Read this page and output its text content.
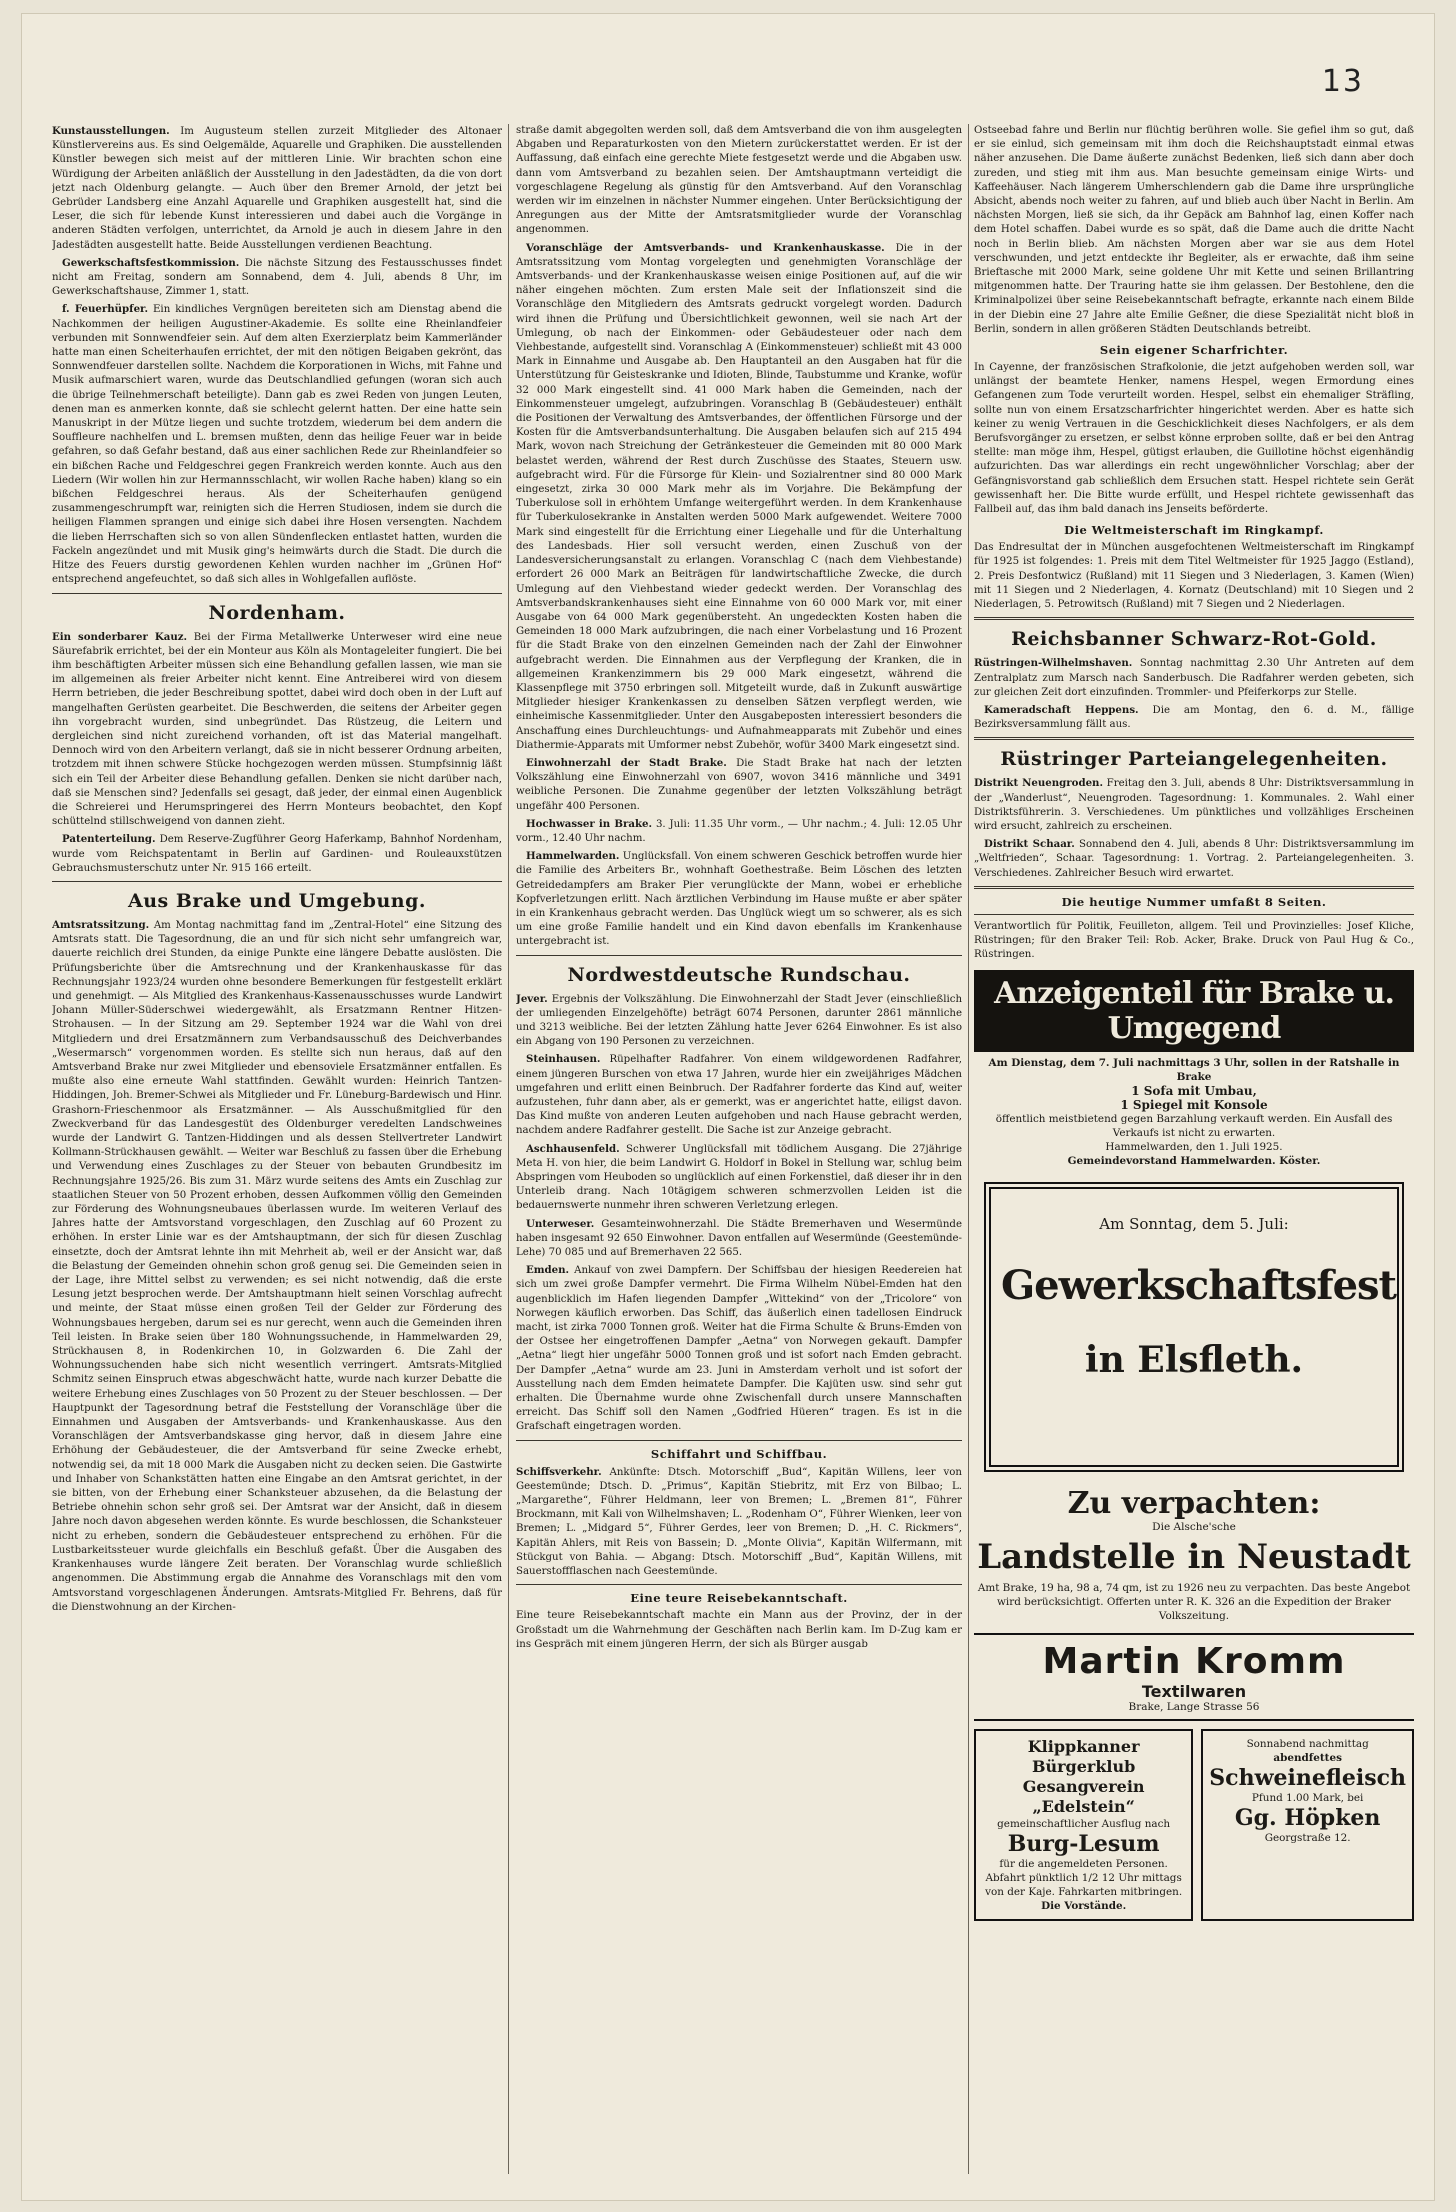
13

Kunstausstellungen. Im Augusteum stellen zurzeit Mitglieder des Altonaer Künstlervereins aus. Es sind Oelgemälde, Aquarelle und Graphiken. Die ausstellenden Künstler bewegen sich meist auf der mittleren Linie. Wir brachten schon eine Würdigung der Arbeiten anläßlich der Ausstellung in den Jadestädten, da die von dort jetzt nach Oldenburg gelangte. — Auch über den Bremer Arnold, der jetzt bei Gebrüder Landsberg eine Anzahl Aquarelle und Graphiken ausgestellt hat, sind die Leser, die sich für lebende Kunst interessieren und dabei auch die Vorgänge in anderen Städten verfolgen, unterrichtet, da Arnold je auch in diesem Jahre in den Jadestädten ausgestellt hatte. Beide Ausstellungen verdienen Beachtung.

Gewerkschaftsfestkommission. Die nächste Sitzung des Festausschusses findet nicht am Freitag, sondern am Sonnabend, dem 4. Juli, abends 8 Uhr, im Gewerkschaftshause, Zimmer 1, statt.

f. Feuerhüpfer. Ein kindliches Vergnügen bereiteten sich am Dienstag abend die Nachkommen der heiligen Augustiner-Akademie. Es sollte eine Rheinlandfeier verbunden mit Sonnwendfeier sein. Auf dem alten Exerzierplatz beim Kammerländer hatte man einen Scheiterhaufen errichtet, der mit den nötigen Beigaben gekrönt, das Sonnwendfeuer darstellen sollte. Nachdem die Korporationen in Wichs, mit Fahne und Musik aufmarschiert waren, wurde das Deutschlandlied gefungen (woran sich auch die übrige Teilnehmerschaft beteiligte). Dann gab es zwei Reden von jungen Leuten, denen man es anmerken konnte, daß sie schlecht gelernt hatten. Der eine hatte sein Manuskript in der Mütze liegen und suchte trotzdem, wiederum bei dem andern die Souffleure nachhelfen und L. bremsen mußten, denn das heilige Feuer war in beide gefahren, so daß Gefahr bestand, daß aus einer sachlichen Rede zur Rheinlandfeier so ein bißchen Rache und Feldgeschrei gegen Frankreich werden konnte. Auch aus den Liedern (Wir wollen hin zur Hermannsschlacht, wir wollen Rache haben) klang so ein bißchen Feldgeschrei heraus. Als der Scheiterhaufen genügend zusammengeschrumpft war, reinigten sich die Herren Studiosen, indem sie durch die heiligen Flammen sprangen und einige sich dabei ihre Hosen versengten. Nachdem die lieben Herrschaften sich so von allen Sündenflecken entlastet hatten, wurden die Fackeln angezündet und mit Musik ging's heimwärts durch die Stadt. Die durch die Hitze des Feuers durstig gewordenen Kehlen wurden nachher im „Grünen Hof“ entsprechend angefeuchtet, so daß sich alles in Wohlgefallen auflöste.

Nordenham.

Ein sonderbarer Kauz. Bei der Firma Metallwerke Unterweser wird eine neue Säurefabrik errichtet, bei der ein Monteur aus Köln als Montageleiter fungiert. Die bei ihm beschäftigten Arbeiter müssen sich eine Behandlung gefallen lassen, wie man sie im allgemeinen als freier Arbeiter nicht kennt. Eine Antreiberei wird von diesem Herrn betrieben, die jeder Beschreibung spottet, dabei wird doch oben in der Luft auf mangelhaften Gerüsten gearbeitet. Die Beschwerden, die seitens der Arbeiter gegen ihn vorgebracht wurden, sind unbegründet. Das Rüstzeug, die Leitern und dergleichen sind nicht zureichend vorhanden, oft ist das Material mangelhaft. Dennoch wird von den Arbeitern verlangt, daß sie in nicht besserer Ordnung arbeiten, trotzdem mit ihnen schwere Stücke hochgezogen werden müssen. Stumpfsinnig läßt sich ein Teil der Arbeiter diese Behandlung gefallen. Denken sie nicht darüber nach, daß sie Menschen sind? Jedenfalls sei gesagt, daß jeder, der einmal einen Augenblick die Schreierei und Herumspringerei des Herrn Monteurs beobachtet, den Kopf schüttelnd stillschweigend von dannen zieht.

Patenterteilung. Dem Reserve-Zugführer Georg Haferkamp, Bahnhof Nordenham, wurde vom Reichspatentamt in Berlin auf Gardinen- und Rouleauxstützen Gebrauchsmusterschutz unter Nr. 915 166 erteilt.

Aus Brake und Umgebung.

Amtsratssitzung. Am Montag nachmittag fand im „Zentral-Hotel“ eine Sitzung des Amtsrats statt. Die Tagesordnung, die an und für sich nicht sehr umfangreich war, dauerte reichlich drei Stunden, da einige Punkte eine längere Debatte auslösten. Die Prüfungsberichte über die Amtsrechnung und der Krankenhauskasse für das Rechnungsjahr 1923/24 wurden ohne besondere Bemerkungen für festgestellt erklärt und genehmigt. — Als Mitglied des Krankenhaus-Kassenausschusses wurde Landwirt Johann Müller-Süderschwei wiedergewählt, als Ersatzmann Rentner Hitzen-Strohausen. — In der Sitzung am 29. September 1924 war die Wahl von drei Mitgliedern und drei Ersatzmännern zum Verbandsausschuß des Deichverbandes „Wesermarsch“ vorgenommen worden. Es stellte sich nun heraus, daß auf den Amtsverband Brake nur zwei Mitglieder und ebensoviele Ersatzmänner entfallen. Es mußte also eine erneute Wahl stattfinden. Gewählt wurden: Heinrich Tantzen-Hiddingen, Joh. Bremer-Schwei als Mitglieder und Fr. Lüneburg-Bardewisch und Hinr. Grashorn-Frieschenmoor als Ersatzmänner. — Als Ausschußmitglied für den Zweckverband für das Landesgestüt des Oldenburger veredelten Landschweines wurde der Landwirt G. Tantzen-Hiddingen und als dessen Stellvertreter Landwirt Kollmann-Strückhausen gewählt. — Weiter war Beschluß zu fassen über die Erhebung und Verwendung eines Zuschlages zu der Steuer von bebauten Grundbesitz im Rechnungsjahre 1925/26. Bis zum 31. März wurde seitens des Amts ein Zuschlag zur staatlichen Steuer von 50 Prozent erhoben, dessen Aufkommen völlig den Gemeinden zur Förderung des Wohnungsneubaues überlassen wurde. Im weiteren Verlauf des Jahres hatte der Amtsvorstand vorgeschlagen, den Zuschlag auf 60 Prozent zu erhöhen. In erster Linie war es der Amtshauptmann, der sich für diesen Zuschlag einsetzte, doch der Amtsrat lehnte ihn mit Mehrheit ab, weil er der Ansicht war, daß die Belastung der Gemeinden ohnehin schon groß genug sei. Die Gemeinden seien in der Lage, ihre Mittel selbst zu verwenden; es sei nicht notwendig, daß die erste Lesung jetzt besprochen werde. Der Amtshauptmann hielt seinen Vorschlag aufrecht und meinte, der Staat müsse einen großen Teil der Gelder zur Förderung des Wohnungsbaues hergeben, darum sei es nur gerecht, wenn auch die Gemeinden ihren Teil leisten. In Brake seien über 180 Wohnungssuchende, in Hammelwarden 29, Strückhausen 8, in Rodenkirchen 10, in Golzwarden 6. Die Zahl der Wohnungssuchenden habe sich nicht wesentlich verringert. Amtsrats-Mitglied Schmitz seinen Einspruch etwas abgeschwächt hatte, wurde nach kurzer Debatte die weitere Erhebung eines Zuschlages von 50 Prozent zu der Steuer beschlossen. — Der Hauptpunkt der Tagesordnung betraf die Feststellung der Voranschläge über die Einnahmen und Ausgaben der Amtsverbands- und Krankenhauskasse. Aus den Voranschlägen der Amtsverbandskasse ging hervor, daß in diesem Jahre eine Erhöhung der Gebäudesteuer, die der Amtsverband für seine Zwecke erhebt, notwendig sei, da mit 18 000 Mark die Ausgaben nicht zu decken seien. Die Gastwirte und Inhaber von Schankstätten hatten eine Eingabe an den Amtsrat gerichtet, in der sie bitten, von der Erhebung einer Schanksteuer abzusehen, da die Belastung der Betriebe ohnehin schon sehr groß sei. Der Amtsrat war der Ansicht, daß in diesem Jahre noch davon abgesehen werden könnte. Es wurde beschlossen, die Schanksteuer nicht zu erheben, sondern die Gebäudesteuer entsprechend zu erhöhen. Für die Lustbarkeitssteuer wurde gleichfalls ein Beschluß gefaßt. Über die Ausgaben des Krankenhauses wurde längere Zeit beraten. Der Voranschlag wurde schließlich angenommen. Die Abstimmung ergab die Annahme des Voranschlags mit den vom Amtsvorstand vorgeschlagenen Änderungen. Amtsrats-Mitglied Fr. Behrens, daß für die Dienstwohnung an der Kirchen-

straße damit abgegolten werden soll, daß dem Amtsverband die von ihm ausgelegten Abgaben und Reparaturkosten von den Mietern zurückerstattet werden. Er ist der Auffassung, daß einfach eine gerechte Miete festgesetzt werde und die Abgaben usw. dann vom Amtsverband zu bezahlen seien. Der Amtshauptmann verteidigt die vorgeschlagene Regelung als günstig für den Amtsverband. Auf den Voranschlag werden wir im einzelnen in nächster Nummer eingehen. Unter Berücksichtigung der Anregungen aus der Mitte der Amtsratsmitglieder wurde der Voranschlag angenommen.

Voranschläge der Amtsverbands- und Krankenhauskasse. Die in der Amtsratssitzung vom Montag vorgelegten und genehmigten Voranschläge der Amtsverbands- und der Krankenhauskasse weisen einige Positionen auf, auf die wir näher eingehen möchten. Zum ersten Male seit der Inflationszeit sind die Voranschläge den Mitgliedern des Amtsrats gedruckt vorgelegt worden. Dadurch wird ihnen die Prüfung und Übersichtlichkeit gewonnen, weil sie nach Art der Umlegung, ob nach der Einkommen- oder Gebäudesteuer oder nach dem Viehbestande, aufgestellt sind. Voranschlag A (Einkommensteuer) schließt mit 43 000 Mark in Einnahme und Ausgabe ab. Den Hauptanteil an den Ausgaben hat für die Unterstützung für Geisteskranke und Idioten, Blinde, Taubstumme und Kranke, wofür 32 000 Mark eingestellt sind. 41 000 Mark haben die Gemeinden, nach der Einkommensteuer umgelegt, aufzubringen. Voranschlag B (Gebäudesteuer) enthält die Positionen der Verwaltung des Amtsverbandes, der öffentlichen Fürsorge und der Kosten für die Amtsverbandsunterhaltung. Die Ausgaben belaufen sich auf 215 494 Mark, wovon nach Streichung der Getränkesteuer die Gemeinden mit 80 000 Mark belastet werden, während der Rest durch Zuschüsse des Staates, Steuern usw. aufgebracht wird. Für die Fürsorge für Klein- und Sozialrentner sind 80 000 Mark eingesetzt, zirka 30 000 Mark mehr als im Vorjahre. Die Bekämpfung der Tuberkulose soll in erhöhtem Umfange weitergeführt werden. In dem Krankenhause für Tuberkulosekranke in Anstalten werden 5000 Mark aufgewendet. Weitere 7000 Mark sind eingestellt für die Errichtung einer Liegehalle und für die Unterhaltung des Landesbads. Hier soll versucht werden, einen Zuschuß von der Landesversicherungsanstalt zu erlangen. Voranschlag C (nach dem Viehbestande) erfordert 26 000 Mark an Beiträgen für landwirtschaftliche Zwecke, die durch Umlegung auf den Viehbestand wieder gedeckt werden. Der Voranschlag des Amtsverbandskrankenhauses sieht eine Einnahme von 60 000 Mark vor, mit einer Ausgabe von 64 000 Mark gegenübersteht. An ungedeckten Kosten haben die Gemeinden 18 000 Mark aufzubringen, die nach einer Vorbelastung und 16 Prozent für die Stadt Brake von den einzelnen Gemeinden nach der Zahl der Einwohner aufgebracht werden. Die Einnahmen aus der Verpflegung der Kranken, die in allgemeinen Krankenzimmern bis 29 000 Mark eingesetzt, während die Klassenpflege mit 3750 erbringen soll. Mitgeteilt wurde, daß in Zukunft auswärtige Mitglieder hiesiger Krankenkassen zu denselben Sätzen verpflegt werden, wie einheimische Kassenmitglieder. Unter den Ausgabeposten interessiert besonders die Anschaffung eines Durchleuchtungs- und Aufnahmeapparats mit Zubehör und eines Diathermie-Apparats mit Umformer nebst Zubehör, wofür 3400 Mark eingesetzt sind.

Einwohnerzahl der Stadt Brake. Die Stadt Brake hat nach der letzten Volkszählung eine Einwohnerzahl von 6907, wovon 3416 männliche und 3491 weibliche Personen. Die Zunahme gegenüber der letzten Volkszählung beträgt ungefähr 400 Personen.

Hochwasser in Brake. 3. Juli: 11.35 Uhr vorm., — Uhr nachm.; 4. Juli: 12.05 Uhr vorm., 12.40 Uhr nachm.

Hammelwarden. Unglücksfall. Von einem schweren Geschick betroffen wurde hier die Familie des Arbeiters Br., wohnhaft Goethestraße. Beim Löschen des letzten Getreidedampfers am Braker Pier verunglückte der Mann, wobei er erhebliche Kopfverletzungen erlitt. Nach ärztlichen Verbindung im Hause mußte er aber später in ein Krankenhaus gebracht werden. Das Unglück wiegt um so schwerer, als es sich um eine große Familie handelt und ein Kind davon ebenfalls im Krankenhause untergebracht ist.

Nordwestdeutsche Rundschau.

Jever. Ergebnis der Volkszählung. Die Einwohnerzahl der Stadt Jever (einschließlich der umliegenden Einzelgehöfte) beträgt 6074 Personen, darunter 2861 männliche und 3213 weibliche. Bei der letzten Zählung hatte Jever 6264 Einwohner. Es ist also ein Abgang von 190 Personen zu verzeichnen.

Steinhausen. Rüpelhafter Radfahrer. Von einem wildgewordenen Radfahrer, einem jüngeren Burschen von etwa 17 Jahren, wurde hier ein zweijähriges Mädchen umgefahren und erlitt einen Beinbruch. Der Radfahrer forderte das Kind auf, weiter aufzustehen, fuhr dann aber, als er gemerkt, was er angerichtet hatte, eiligst davon. Das Kind mußte von anderen Leuten aufgehoben und nach Hause gebracht werden, nachdem andere Radfahrer gestellt. Die Sache ist zur Anzeige gebracht.

Aschhausenfeld. Schwerer Unglücksfall mit tödlichem Ausgang. Die 27jährige Meta H. von hier, die beim Landwirt G. Holdorf in Bokel in Stellung war, schlug beim Abspringen vom Heuboden so unglücklich auf einen Forkenstiel, daß dieser ihr in den Unterleib drang. Nach 10tägigem schweren schmerzvollen Leiden ist die bedauernswerte nunmehr ihren schweren Verletzung erlegen.

Unterweser. Gesamteinwohnerzahl. Die Städte Bremerhaven und Wesermünde haben insgesamt 92 650 Einwohner. Davon entfallen auf Wesermünde (Geestemünde-Lehe) 70 085 und auf Bremerhaven 22 565.

Emden. Ankauf von zwei Dampfern. Der Schiffsbau der hiesigen Reedereien hat sich um zwei große Dampfer vermehrt. Die Firma Wilhelm Nübel-Emden hat den augenblicklich im Hafen liegenden Dampfer „Wittekind“ von der „Tricolore“ von Norwegen käuflich erworben. Das Schiff, das äußerlich einen tadellosen Eindruck macht, ist zirka 7000 Tonnen groß. Weiter hat die Firma Schulte & Bruns-Emden von der Ostsee her eingetroffenen Dampfer „Aetna“ von Norwegen gekauft. Dampfer „Aetna“ liegt hier ungefähr 5000 Tonnen groß und ist sofort nach Emden gebracht. Der Dampfer „Aetna“ wurde am 23. Juni in Amsterdam verholt und ist sofort der Ausstellung nach dem Emden heimatete Dampfer. Die Kajüten usw. sind sehr gut erhalten. Die Übernahme wurde ohne Zwischenfall durch unsere Mannschaften erreicht. Das Schiff soll den Namen „Godfried Hüeren“ tragen. Es ist in die Grafschaft eingetragen worden.

Schiffahrt und Schiffbau.

Schiffsverkehr. Ankünfte: Dtsch. Motorschiff „Bud“, Kapitän Willens, leer von Geestemünde; Dtsch. D. „Primus“, Kapitän Stiebritz, mit Erz von Bilbao; L. „Margarethe“, Führer Heldmann, leer von Bremen; L. „Bremen 81“, Führer Brockmann, mit Kali von Wilhelmshaven; L. „Rodenham O“, Führer Wienken, leer von Bremen; L. „Midgard 5“, Führer Gerdes, leer von Bremen; D. „H. C. Rickmers“, Kapitän Ahlers, mit Reis von Bassein; D. „Monte Olivia“, Kapitän Wilfermann, mit Stückgut von Bahia. — Abgang: Dtsch. Motorschiff „Bud“, Kapitän Willens, mit Sauerstoffflaschen nach Geestemünde.

Eine teure Reisebekanntschaft.

Eine teure Reisebekanntschaft machte ein Mann aus der Provinz, der in der Großstadt um die Wahrnehmung der Geschäften nach Berlin kam. Im D-Zug kam er ins Gespräch mit einem jüngeren Herrn, der sich als Bürger ausgab

Ostseebad fahre und Berlin nur flüchtig berühren wolle. Sie gefiel ihm so gut, daß er sie einlud, sich gemeinsam mit ihm doch die Reichshauptstadt einmal etwas näher anzusehen. Die Dame äußerte zunächst Bedenken, ließ sich dann aber doch zureden, und stieg mit ihm aus. Man besuchte gemeinsam einige Wirts- und Kaffeehäuser. Nach längerem Umherschlendern gab die Dame ihre ursprüngliche Absicht, abends noch weiter zu fahren, auf und blieb auch über Nacht in Berlin. Am nächsten Morgen, ließ sie sich, da ihr Gepäck am Bahnhof lag, einen Koffer nach dem Hotel schaffen. Dabei wurde es so spät, daß die Dame auch die dritte Nacht noch in Berlin blieb. Am nächsten Morgen aber war sie aus dem Hotel verschwunden, und jetzt entdeckte ihr Begleiter, als er erwachte, daß ihm seine Brieftasche mit 2000 Mark, seine goldene Uhr mit Kette und seinen Brillantring mitgenommen hatte. Der Trauring hatte sie ihm gelassen. Der Bestohlene, den die Kriminalpolizei über seine Reisebekanntschaft befragte, erkannte nach einem Bilde in der Diebin eine 27 Jahre alte Emilie Geßner, die diese Spezialität nicht bloß in Berlin, sondern in allen größeren Städten Deutschlands betreibt.

Sein eigener Scharfrichter.

In Cayenne, der französischen Strafkolonie, die jetzt aufgehoben werden soll, war unlängst der beamtete Henker, namens Hespel, wegen Ermordung eines Gefangenen zum Tode verurteilt worden. Hespel, selbst ein ehemaliger Sträfling, sollte nun von einem Ersatzscharfrichter hingerichtet werden. Aber es hatte sich keiner zu wenig Vertrauen in die Geschicklichkeit dieses Nachfolgers, er als dem Berufsvorgänger zu ersetzen, er selbst könne erproben sollte, daß er bei den Antrag stellte: man möge ihm, Hespel, gütigst erlauben, die Guillotine höchst eigenhändig aufzurichten. Das war allerdings ein recht ungewöhnlicher Vorschlag; aber der Gefängnisvorstand gab schließlich dem Ersuchen statt. Hespel richtete sein Gerät gewissenhaft her. Die Bitte wurde erfüllt, und Hespel richtete gewissenhaft das Fallbeil auf, das ihm bald danach ins Jenseits beförderte.

Die Weltmeisterschaft im Ringkampf.

Das Endresultat der in München ausgefochtenen Weltmeisterschaft im Ringkampf für 1925 ist folgendes: 1. Preis mit dem Titel Weltmeister für 1925 Jaggo (Estland), 2. Preis Desfontwicz (Rußland) mit 11 Siegen und 3 Niederlagen, 3. Kamen (Wien) mit 11 Siegen und 2 Niederlagen, 4. Kornatz (Deutschland) mit 10 Siegen und 2 Niederlagen, 5. Petrowitsch (Rußland) mit 7 Siegen und 2 Niederlagen.

Reichsbanner Schwarz-Rot-Gold.

Rüstringen-Wilhelmshaven. Sonntag nachmittag 2.30 Uhr Antreten auf dem Zentralplatz zum Marsch nach Sanderbusch. Die Radfahrer werden gebeten, sich zur gleichen Zeit dort einzufinden. Trommler- und Pfeiferkorps zur Stelle.

Kameradschaft Heppens. Die am Montag, den 6. d. M., fällige Bezirksversammlung fällt aus.

Rüstringer Parteiangelegenheiten.

Distrikt Neuengroden. Freitag den 3. Juli, abends 8 Uhr: Distriktsversammlung in der „Wanderlust“, Neuengroden. Tagesordnung: 1. Kommunales. 2. Wahl einer Distriktsführerin. 3. Verschiedenes. Um pünktliches und vollzähliges Erscheinen wird ersucht, zahlreich zu erscheinen.

Distrikt Schaar. Sonnabend den 4. Juli, abends 8 Uhr: Distriktsversammlung im „Weltfrieden“, Schaar. Tagesordnung: 1. Vortrag. 2. Parteiangelegenheiten. 3. Verschiedenes. Zahlreicher Besuch wird erwartet.

Die heutige Nummer umfaßt 8 Seiten.

Verantwortlich für Politik, Feuilleton, allgem. Teil und Provinzielles: Josef Kliche, Rüstringen; für den Braker Teil: Rob. Acker, Brake. Druck von Paul Hug & Co., Rüstringen.

Anzeigenteil für Brake u. Umgegend
Am Dienstag, dem 7. Juli nachmittags 3 Uhr, sollen in der Ratshalle in Brake
1 Sofa mit Umbau,
1 Spiegel mit Konsole
öffentlich meistbietend gegen Barzahlung verkauft werden. Ein Ausfall des Verkaufs ist nicht zu erwarten.
Hammelwarden, den 1. Juli 1925.
Gemeindevorstand Hammelwarden. Köster.
Am Sonntag, dem 5. Juli:
Gewerkschaftsfest
in Elsfleth.
Zu verpachten:
Die Alsche'sche
Landstelle in Neustadt
Amt Brake, 19 ha, 98 a, 74 qm, ist zu 1926 neu zu verpachten. Das beste Angebot wird berücksichtigt. Offerten unter R. K. 326 an die Expedition der Braker Volkszeitung.
Martin Kromm
Textilwaren
Brake, Lange Strasse 56
Klippkanner Bürgerklub
Gesangverein „Edelstein“
gemeinschaftlicher Ausflug nach
Burg-Lesum
für die angemeldeten Personen. Abfahrt pünktlich 1/2 12 Uhr mittags von der Kaje. Fahrkarten mitbringen.
Die Vorstände.
Sonnabend nachmittag
abendfettes
Schweinefleisch
Pfund 1.00 Mark, bei
Gg. Höpken
Georgstraße 12.
